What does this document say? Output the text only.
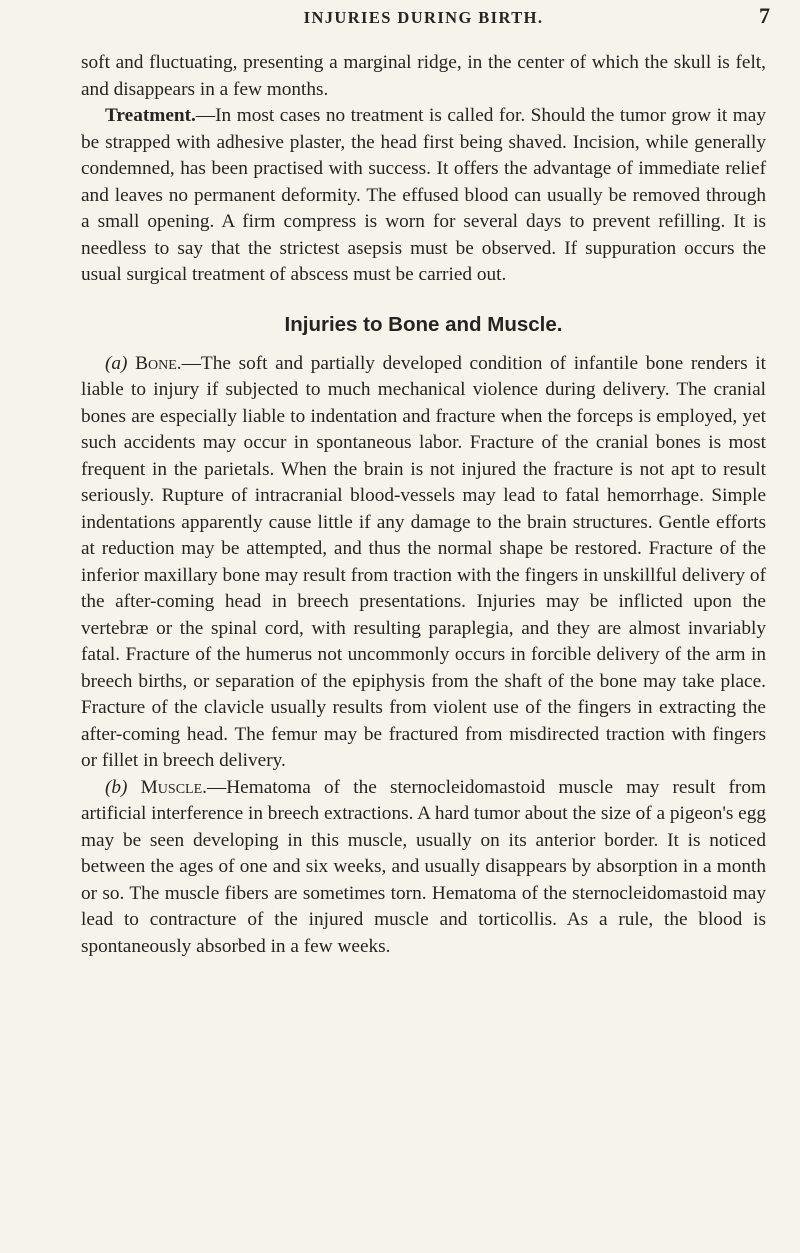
INJURIES DURING BIRTH.	7

soft and fluctuating, presenting a marginal ridge, in the center of which the skull is felt, and disappears in a few months.

Treatment.—In most cases no treatment is called for. Should the tumor grow it may be strapped with adhesive plaster, the head first being shaved. Incision, while generally condemned, has been practised with success. It offers the advantage of immediate relief and leaves no permanent deformity. The effused blood can usually be removed through a small opening. A firm compress is worn for several days to prevent refilling. It is needless to say that the strictest asepsis must be observed. If suppuration occurs the usual surgical treatment of abscess must be carried out.

Injuries to Bone and Muscle.

(a) Bone.—The soft and partially developed condition of infantile bone renders it liable to injury if subjected to much mechanical violence during delivery. The cranial bones are especially liable to indentation and fracture when the forceps is employed, yet such accidents may occur in spontaneous labor. Fracture of the cranial bones is most frequent in the parietals. When the brain is not injured the fracture is not apt to result seriously. Rupture of intracranial blood-vessels may lead to fatal hemorrhage. Simple indentations apparently cause little if any damage to the brain structures. Gentle efforts at reduction may be attempted, and thus the normal shape be restored. Fracture of the inferior maxillary bone may result from traction with the fingers in unskillful delivery of the after-coming head in breech presentations. Injuries may be inflicted upon the vertebræ or the spinal cord, with resulting paraplegia, and they are almost invariably fatal. Fracture of the humerus not uncommonly occurs in forcible delivery of the arm in breech births, or separation of the epiphysis from the shaft of the bone may take place. Fracture of the clavicle usually results from violent use of the fingers in extracting the after-coming head. The femur may be fractured from misdirected traction with fingers or fillet in breech delivery.

(b) Muscle.—Hematoma of the sternocleidomastoid muscle may result from artificial interference in breech extractions. A hard tumor about the size of a pigeon's egg may be seen developing in this muscle, usually on its anterior border. It is noticed between the ages of one and six weeks, and usually disappears by absorption in a month or so. The muscle fibers are sometimes torn. Hematoma of the sternocleidomastoid may lead to contracture of the injured muscle and torticollis. As a rule, the blood is spontaneously absorbed in a few weeks.
